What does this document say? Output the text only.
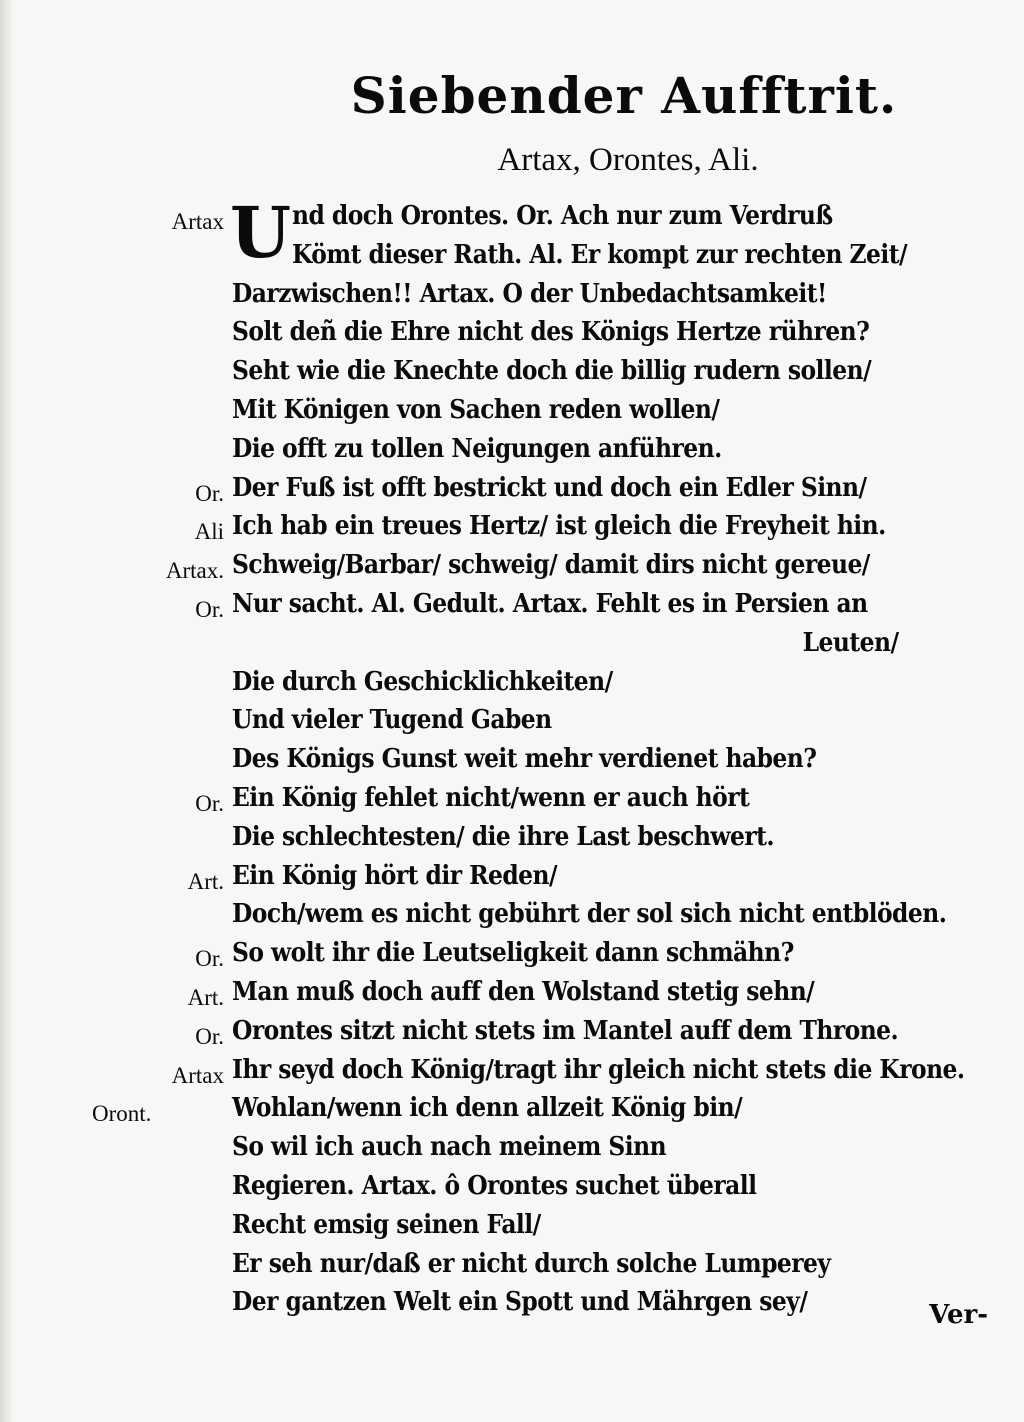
Siebender Aufftrit.
Artax, Orontes, Ali.
U
Artax	nd doch Orontes. Or. Ach nur zum Verdruß
Kömt dieser Rath. Al. Er kompt zur rechten Zeit/
Darzwischen!! Artax. O der Unbedachtsamkeit!
Solt deñ die Ehre nicht des Königs Hertze rühren?
Seht wie die Knechte doch die billig rudern sollen/
Mit Königen von Sachen reden wollen/
Die offt zu tollen Neigungen anführen.
Or. Der Fuß ist offt bestrickt und doch ein Edler Sinn/
Ali Ich hab ein treues Hertz/ ist gleich die Freyheit hin.
Artax. Schweig/Barbar/ schweig/ damit dirs nicht gereue/
Or. Nur sacht. Al. Gedult. Artax. Fehlt es in Persien an
Leuten/
Die durch Geschicklichkeiten/
Und vieler Tugend Gaben
Des Königs Gunst weit mehr verdienet haben?
Or. Ein König fehlet nicht/wenn er auch hört
Die schlechtesten/ die ihre Last beschwert.
Art. Ein König hört dir Reden/
Doch/wem es nicht gebührt der sol sich nicht entblöden.
Or. So wolt ihr die Leutseligkeit dann schmähn?
Art. Man muß doch auff den Wolstand stetig sehn/
Or. Orontes sitzt nicht stets im Mantel auff dem Throne.
Artax Ihr seyd doch König/tragt ihr gleich nicht stets die Krone.
Oront.	Wohlan/wenn ich denn allzeit König bin/
So wil ich auch nach meinem Sinn
Regieren. Artax. ô Orontes suchet überall
Recht emsig seinen Fall/
Er seh nur/daß er nicht durch solche Lumperey
Der gantzen Welt ein Spott und Mährgen sey/	Ver-
